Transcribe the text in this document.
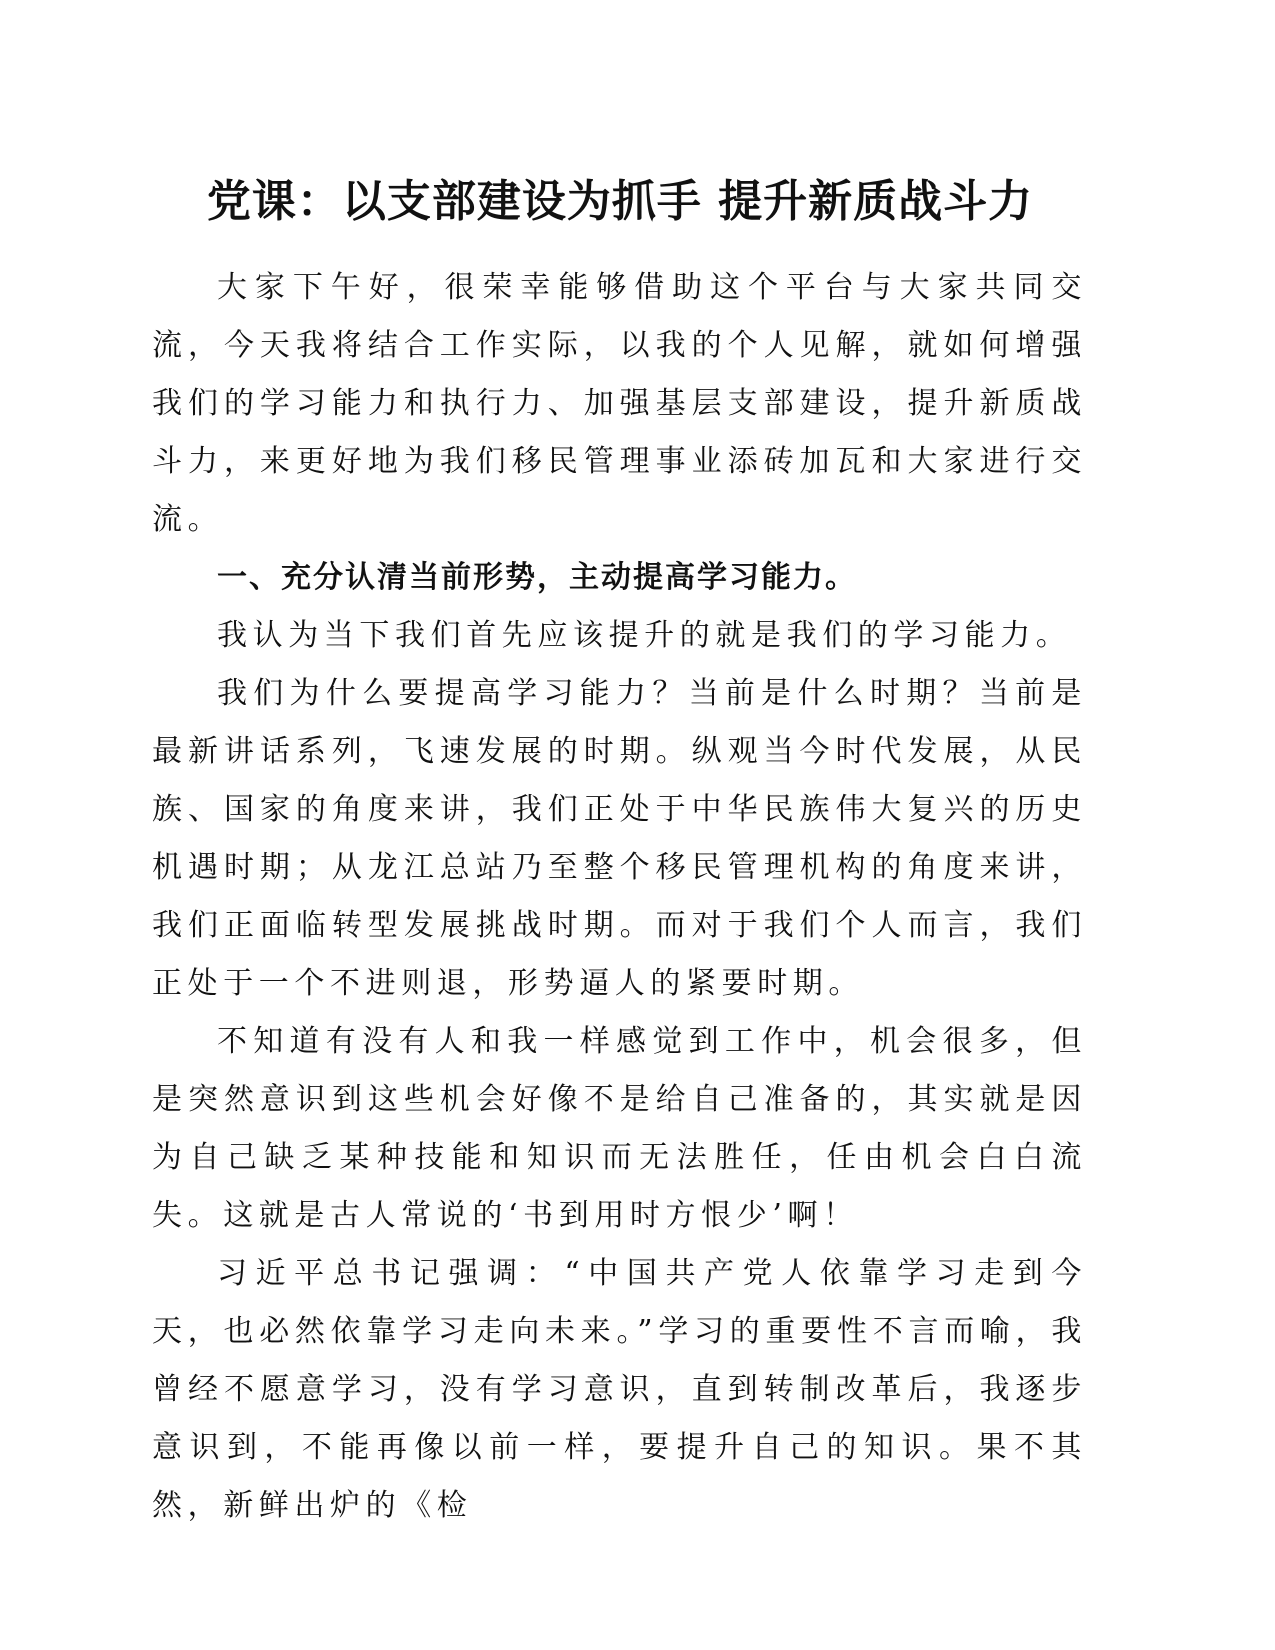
党课：以支部建设为抓手 提升新质战斗力

大家下午好，很荣幸能够借助这个平台与大家共同交流，今天我将结合工作实际，以我的个人见解，就如何增强我们的学习能力和执行力、加强基层支部建设，提升新质战斗力，来更好地为我们移民管理事业添砖加瓦和大家进行交流。

一、充分认清当前形势，主动提高学习能力。

我认为当下我们首先应该提升的就是我们的学习能力。

我们为什么要提高学习能力？当前是什么时期？当前是最新讲话系列，飞速发展的时期。纵观当今时代发展，从民族、国家的角度来讲，我们正处于中华民族伟大复兴的历史机遇时期；从龙江总站乃至整个移民管理机构的角度来讲，我们正面临转型发展挑战时期。而对于我们个人而言，我们正处于一个不进则退，形势逼人的紧要时期。

不知道有没有人和我一样感觉到工作中，机会很多，但是突然意识到这些机会好像不是给自己准备的，其实就是因为自己缺乏某种技能和知识而无法胜任，任由机会白白流失。这就是古人常说的‘书到用时方恨少’啊！

习近平总书记强调：“中国共产党人依靠学习走到今天，也必然依靠学习走向未来。”学习的重要性不言而喻，我曾经不愿意学习，没有学习意识，直到转制改革后，我逐步意识到，不能再像以前一样，要提升自己的知识。果不其然，新鲜出炉的《检
